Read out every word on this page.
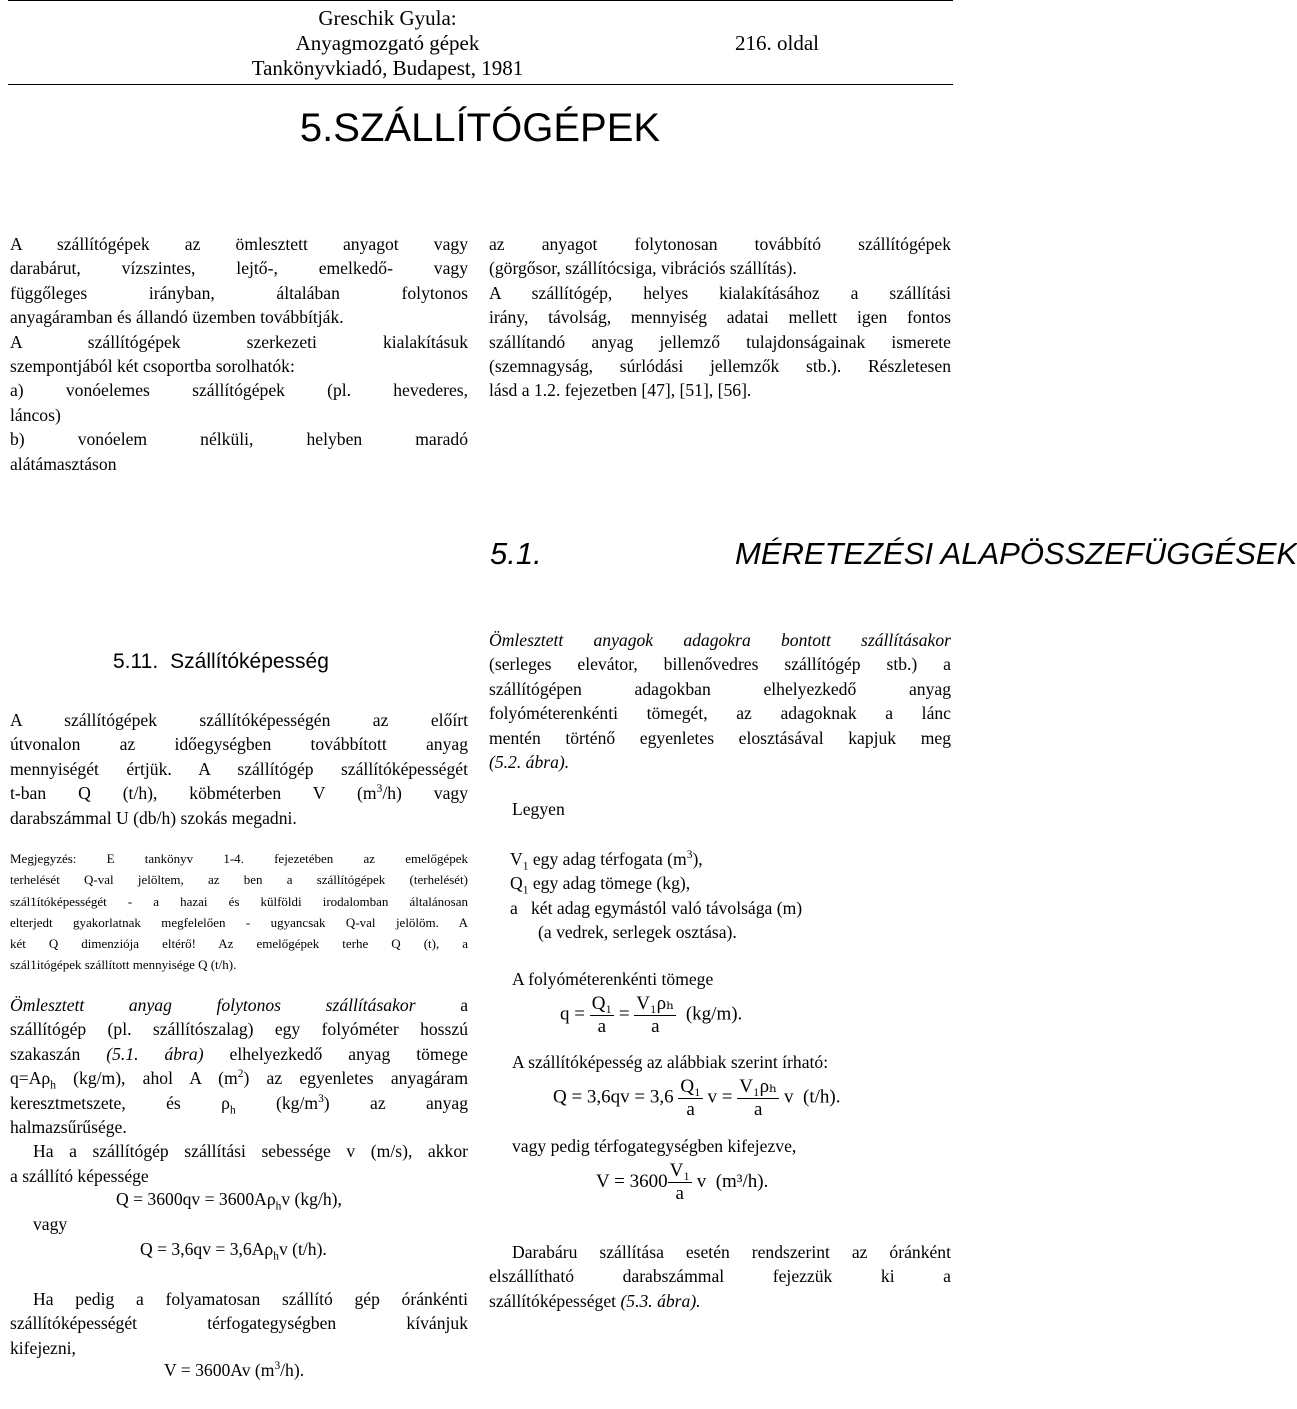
Greschik Gyula:
Anyagmozgató gépek
Tankönyvkiadó, Budapest, 1981
216. oldal
5.SZÁLLÍTÓGÉPEK
A szállítógépek az ömlesztett anyagot vagy
darabárut, vízszintes, lejtő-, emelkedő- vagy
függőleges irányban, általában folytonos
anyagáramban és állandó üzemben továbbítják.
A szállítógépek szerkezeti kialakításuk
szempontjából két csoportba sorolhatók:
a) vonóelemes szállítógépek (pl. hevederes,
láncos)
b) vonóelem nélküli, helyben maradó
alátámasztáson
az anyagot folytonosan továbbító szállítógépek
(görgősor, szállítócsiga, vibrációs szállítás).
A szállítógép, helyes kialakításához a szállítási
irány, távolság, mennyiség adatai mellett igen fontos
szállítandó anyag jellemző tulajdonságainak ismerete
(szemnagyság, súrlódási jellemzők stb.). Részletesen
lásd a 1.2. fejezetben [47], [51], [56].
5.1.	MÉRETEZÉSI ALAPÖSSZEFÜGGÉSEK
5.11. Szállítóképesség
A szállítógépek szállítóképességén az előírt
útvonalon az időegységben továbbított anyag
mennyiségét értjük. A szállítógép szállítóképességét
t-ban Q (t/h), köbméterben V $(m^3/h)$ vagy
darabszámmal U (db/h) szokás megadni.
Megjegyzés: E tankönyv 1-4. fejezetében az emelőgépek
terhelését Q-val jelöltem, az ben a szállítógépek (terhelését)
szál1ítóképességét - a hazai és külföldi irodalomban általánosan
elterjedt gyakorlatnak megfelelően - ugyancsak Q-val jelölöm. A
két Q dimenziója eltérő! Az emelőgépek terhe Q (t), a
szál1itógépek szállított mennyisége Q (t/h).
Ömlesztett anyag folytonos szállításakor	a
szállítógép (pl. szállítószalag) egy folyóméter hosszú
szakaszán (5.1. ábra) elhelyezkedő anyag tömege
$q=A\rho_h$ (kg/m), ahol A $(m^2)$ az egyenletes anyagáram
keresztmetszete, és $\rho_h$ $(kg/m^3)$ az anyag
halmazsűrűsége.
Ha a szállítógép szállítási sebessége v (m/s), akkor
a szállító képessége
$Q = 3600qv = 3600A\rho_hv$ (kg/h),
vagy
$Q = 3,6qv = 3,6A\rho_hv$ (t/h).
Ha pedig a folyamatosan szállító gép óránkénti
szállítóképességét térfogategységben kívánjuk
kifejezni,
V = 3600Av $(m^3/h)$.
Ömlesztett anyagok adagokra bontott szállításakor
(serleges elevátor, billenővedres szállítógép stb.) a
szállítógépen adagokban elhelyezkedő anyag
folyóméterenkénti tömegét, az adagoknak a lánc
mentén történő egyenletes elosztásával kapjuk meg
(5.2. ábra).
Legyen
$V_1$ egy adag térfogata $(m^3)$,
$Q_1$ egy adag tömege (kg),
a   két adag egymástól való távolsága (m)
(a vedrek, serlegek osztása).
A folyóméterenkénti tömege
$q = \frac{\text{Q₁}}{a} = \frac{\text{V₁ρₕ}}{a} (kg/m)$.
A szállítóképesség az alábbiak szerint írható:
$Q = 3,6qv = 3,6 \frac{\text{Q₁}}{a}$ $v = \frac{\text{V₁ρₕ}}{a}$ v (t/h).
vagy pedig térfogategységben kifejezve,
$V = 3600 \frac{\text{V₁}}{a}$ v (m³/h).
Darabáru szállítása esetén rendszerint az óránként
elszállítható darabszámmal fejezzük ki a
szállítóképességet (5.3. ábra).
